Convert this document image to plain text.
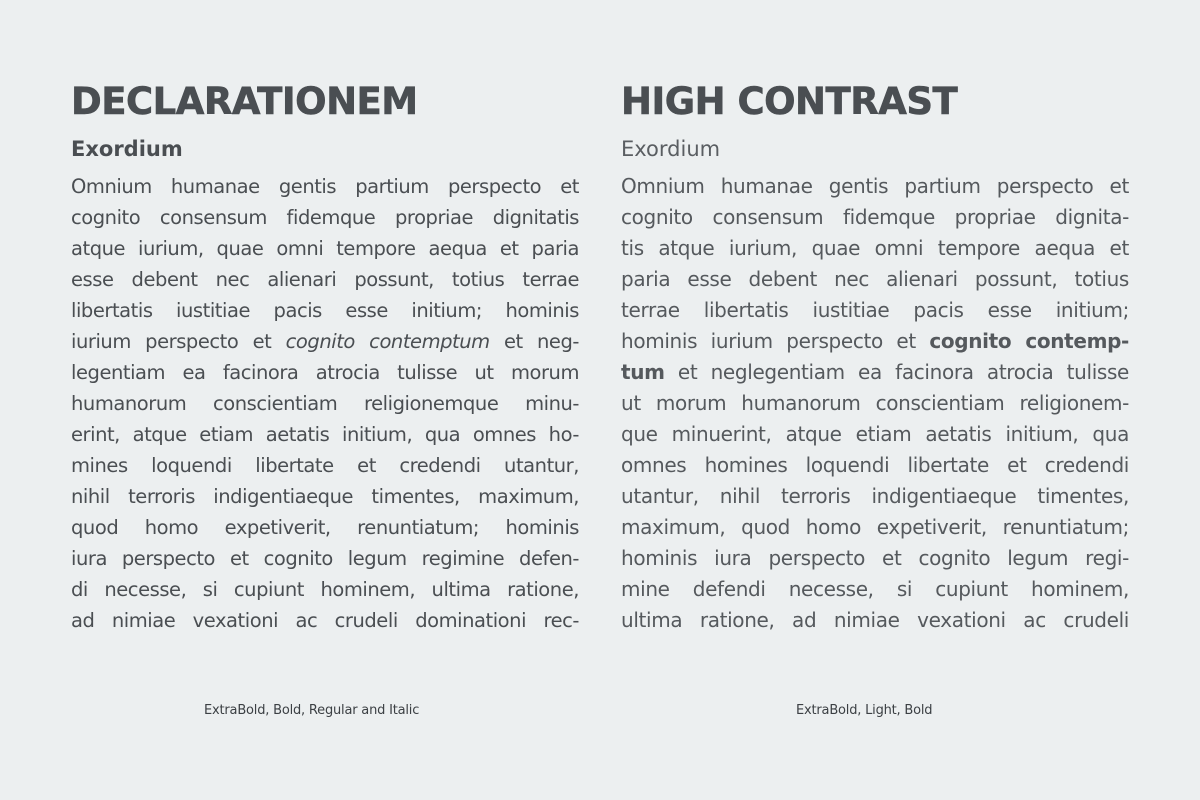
DECLARATIONEM
Exordium
Omnium humanae gentis partium perspecto et
cognito consensum fidemque propriae dignitatis
atque iurium, quae omni tempore aequa et paria
esse debent nec alienari possunt, totius terrae
libertatis iustitiae pacis esse initium; hominis
iurium perspecto et cognito contemptum et neg-
legentiam ea facinora atrocia tulisse ut morum
humanorum conscientiam religionemque minu-
erint, atque etiam aetatis initium, qua omnes ho-
mines loquendi libertate et credendi utantur,
nihil terroris indigentiaeque timentes, maximum,
quod homo expetiverit, renuntiatum; hominis
iura perspecto et cognito legum regimine defen-
di necesse, si cupiunt hominem, ultima ratione,
ad nimiae vexationi ac crudeli dominationi rec-
HIGH CONTRAST
Exordium
Omnium humanae gentis partium perspecto et
cognito consensum fidemque propriae dignita-
tis atque iurium, quae omni tempore aequa et
paria esse debent nec alienari possunt, totius
terrae libertatis iustitiae pacis esse initium;
hominis iurium perspecto et cognito contemp-
tum et neglegentiam ea facinora atrocia tulisse
ut morum humanorum conscientiam religionem-
que minuerint, atque etiam aetatis initium, qua
omnes homines loquendi libertate et credendi
utantur, nihil terroris indigentiaeque timentes,
maximum, quod homo expetiverit, renuntiatum;
hominis iura perspecto et cognito legum regi-
mine defendi necesse, si cupiunt hominem,
ultima ratione, ad nimiae vexationi ac crudeli
ExtraBold, Bold, Regular and Italic	ExtraBold, Light, Bold
